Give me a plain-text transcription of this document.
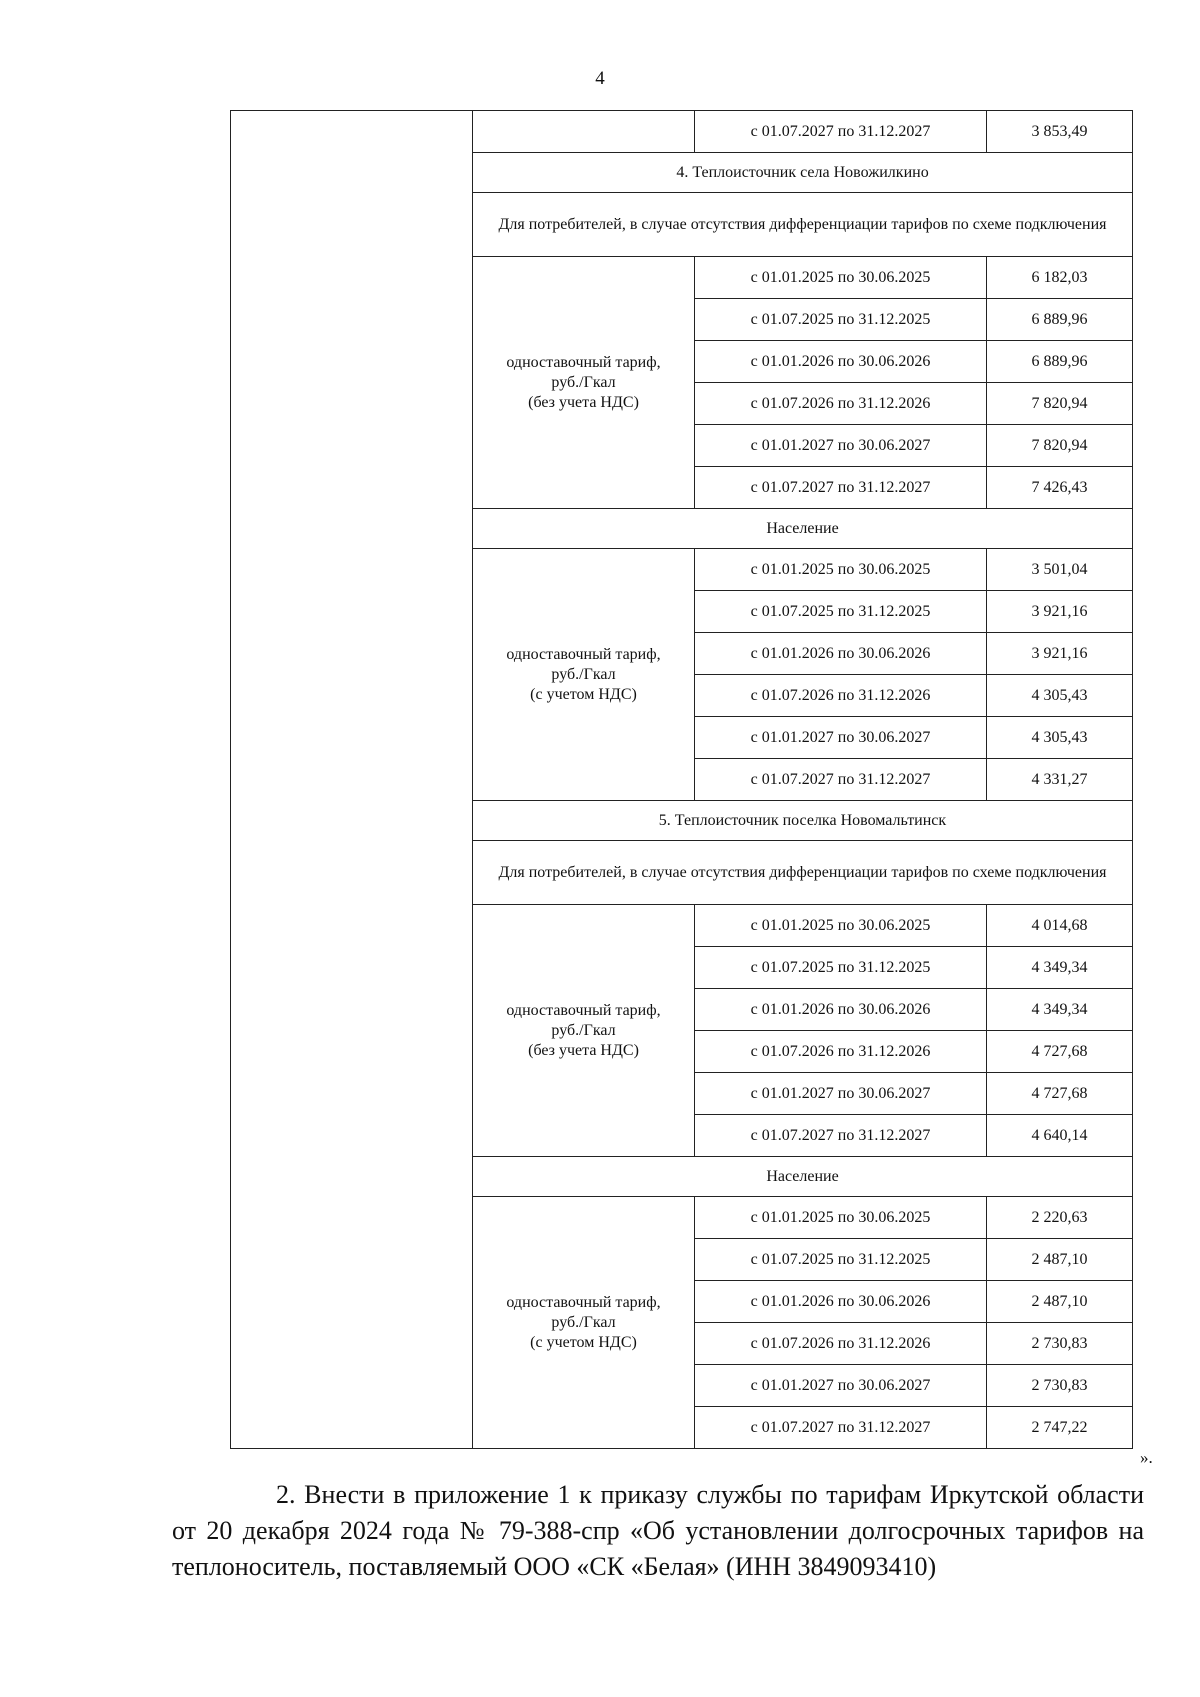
4
		с 01.07.2027 по 31.12.2027	3 853,49
	4. Теплоисточник села Новожилкино		
	Для потребителей, в случае отсутствия дифференциации тарифов по схеме подключения		

	одноставочный тариф,
руб./Гкал
(без учета НДС)	с 01.01.2025 по 30.06.2025	6 182,03
		с 01.07.2025 по 31.12.2025	6 889,96
		с 01.01.2026 по 30.06.2026	6 889,96
		с 01.07.2026 по 31.12.2026	7 820,94
		с 01.01.2027 по 30.06.2027	7 820,94
		с 01.07.2027 по 31.12.2027	7 426,43
	Население		

	одноставочный тариф,
руб./Гкал
(с учетом НДС)	с 01.01.2025 по 30.06.2025	3 501,04
		с 01.07.2025 по 31.12.2025	3 921,16
		с 01.01.2026 по 30.06.2026	3 921,16
		с 01.07.2026 по 31.12.2026	4 305,43
		с 01.01.2027 по 30.06.2027	4 305,43
		с 01.07.2027 по 31.12.2027	4 331,27
	5. Теплоисточник поселка Новомальтинск		
	Для потребителей, в случае отсутствия дифференциации тарифов по схеме подключения		

	одноставочный тариф,
руб./Гкал
(без учета НДС)	с 01.01.2025 по 30.06.2025	4 014,68
		с 01.07.2025 по 31.12.2025	4 349,34
		с 01.01.2026 по 30.06.2026	4 349,34
		с 01.07.2026 по 31.12.2026	4 727,68
		с 01.01.2027 по 30.06.2027	4 727,68
		с 01.07.2027 по 31.12.2027	4 640,14
	Население		

	одноставочный тариф,
руб./Гкал
(с учетом НДС)	с 01.01.2025 по 30.06.2025	2 220,63
		с 01.07.2025 по 31.12.2025	2 487,10
		с 01.01.2026 по 30.06.2026	2 487,10
		с 01.07.2026 по 31.12.2026	2 730,83
		с 01.01.2027 по 30.06.2027	2 730,83
		с 01.07.2027 по 31.12.2027	2 747,22
».

2. Внести в приложение 1 к приказу службы по тарифам Иркутской области от 20 декабря 2024 года № 79-388-спр «Об установлении долгосрочных тарифов на теплоноситель, поставляемый ООО «СК «Белая» (ИНН 3849093410)
